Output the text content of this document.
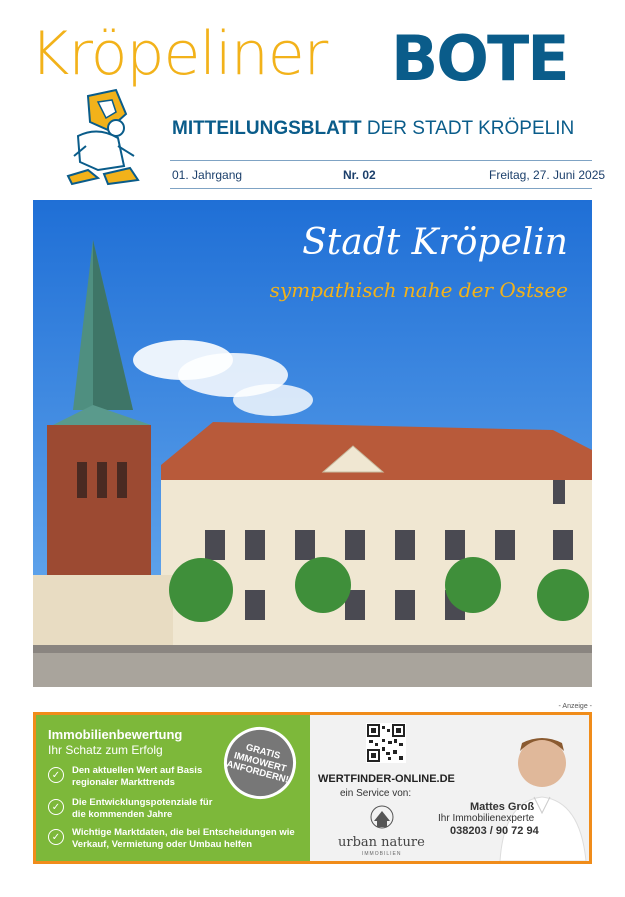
Kröpeliner BOTE
MITTEILUNGSBLATT DER STADT KRÖPELIN
01. Jahrgang	Nr. 02	Freitag, 27. Juni 2025
Stadt Kröpelin
sympathisch nahe der Ostsee
- Anzeige -
Immobilienbewertung
Ihr Schatz zum Erfolg
✓	Den aktuellen Wert auf Basis regionaler Markttrends
✓	Die Entwicklungspotenziale für die kommenden Jahre
✓	Wichtige Marktdaten, die bei Entscheidungen wie Verkauf, Vermietung oder Umbau helfen
GRATIS IMMOWERT ANFORDERN!	WERTFINDER-ONLINE.DE
ein Service von:
urban nature
IMMOBILIEN
Mattes Groß
Ihr Immobilienexperte
038203 / 90 72 94
